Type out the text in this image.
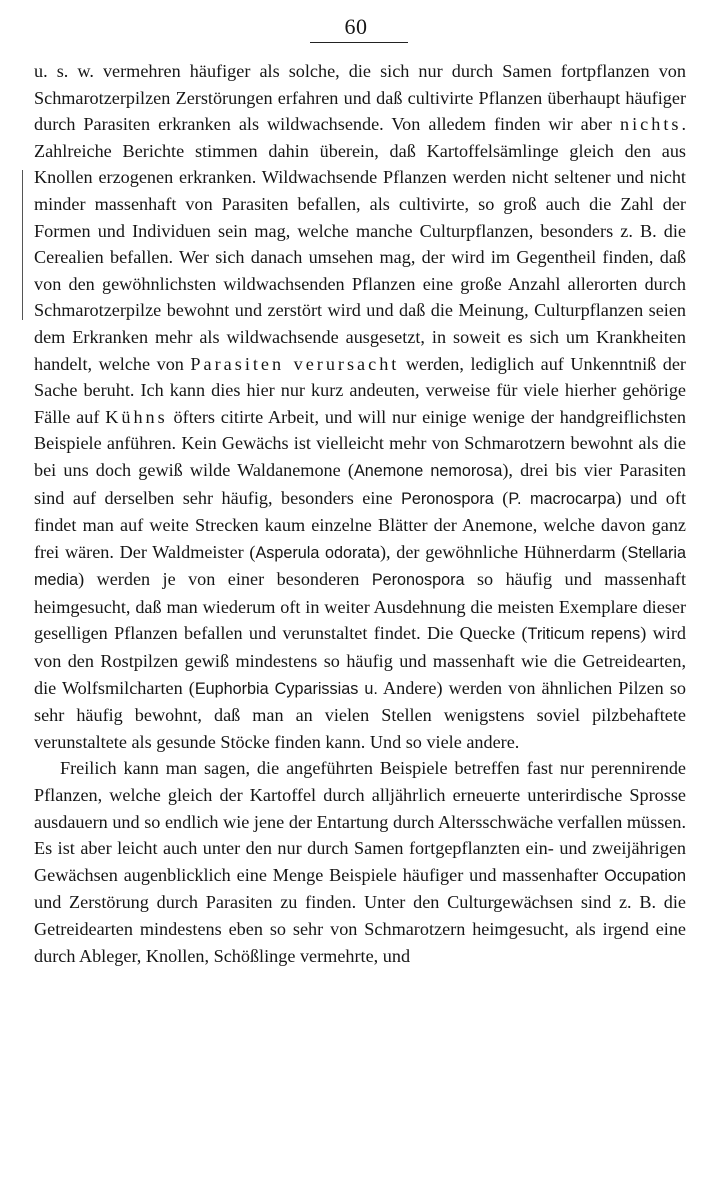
60

u. s. w. vermehren häufiger als solche, die sich nur durch Samen fortpflanzen von Schmarotzerpilzen Zerstörungen erfahren und daß cultivirte Pflanzen überhaupt häufiger durch Parasiten erkranken als wildwachsende. Von alledem finden wir aber nichts. Zahlreiche Berichte stimmen dahin überein, daß Kartoffelsämlinge gleich den aus Knollen erzogenen erkranken. Wildwachsende Pflanzen werden nicht seltener und nicht minder massenhaft von Parasiten befallen, als cultivirte, so groß auch die Zahl der Formen und Individuen sein mag, welche manche Culturpflanzen, besonders z. B. die Cerealien befallen. Wer sich danach umsehen mag, der wird im Gegentheil finden, daß von den gewöhnlichsten wildwachsenden Pflanzen eine große Anzahl allerorten durch Schmarotzerpilze bewohnt und zerstört wird und daß die Meinung, Culturpflanzen seien dem Erkranken mehr als wildwachsende ausgesetzt, in soweit es sich um Krankheiten handelt, welche von Parasiten verursacht werden, lediglich auf Unkenntniß der Sache beruht. Ich kann dies hier nur kurz andeuten, verweise für viele hierher gehörige Fälle auf Kühns öfters citirte Arbeit, und will nur einige wenige der handgreiflichsten Beispiele anführen. Kein Gewächs ist vielleicht mehr von Schmarotzern bewohnt als die bei uns doch gewiß wilde Waldanemone (Anemone nemorosa), drei bis vier Parasiten sind auf derselben sehr häufig, besonders eine Peronospora (P. macrocarpa) und oft findet man auf weite Strecken kaum einzelne Blätter der Anemone, welche davon ganz frei wären. Der Waldmeister (Asperula odorata), der gewöhnliche Hühnerdarm (Stellaria media) werden je von einer besonderen Peronospora so häufig und massenhaft heimgesucht, daß man wiederum oft in weiter Ausdehnung die meisten Exemplare dieser geselligen Pflanzen befallen und verunstaltet findet. Die Quecke (Triticum repens) wird von den Rostpilzen gewiß mindestens so häufig und massenhaft wie die Getreidearten, die Wolfsmilcharten (Euphorbia Cyparissias u. Andere) werden von ähnlichen Pilzen so sehr häufig bewohnt, daß man an vielen Stellen wenigstens soviel pilzbehaftete verunstaltete als gesunde Stöcke finden kann. Und so viele andere.

Freilich kann man sagen, die angeführten Beispiele betreffen fast nur perennirende Pflanzen, welche gleich der Kartoffel durch alljährlich erneuerte unterirdische Sprosse ausdauern und so endlich wie jene der Entartung durch Altersschwäche verfallen müssen. Es ist aber leicht auch unter den nur durch Samen fortgepflanzten ein- und zweijährigen Gewächsen augenblicklich eine Menge Beispiele häufiger und massenhafter Occupation und Zerstörung durch Parasiten zu finden. Unter den Culturgewächsen sind z. B. die Getreidearten mindestens eben so sehr von Schmarotzern heimgesucht, als irgend eine durch Ableger, Knollen, Schößlinge vermehrte, und
